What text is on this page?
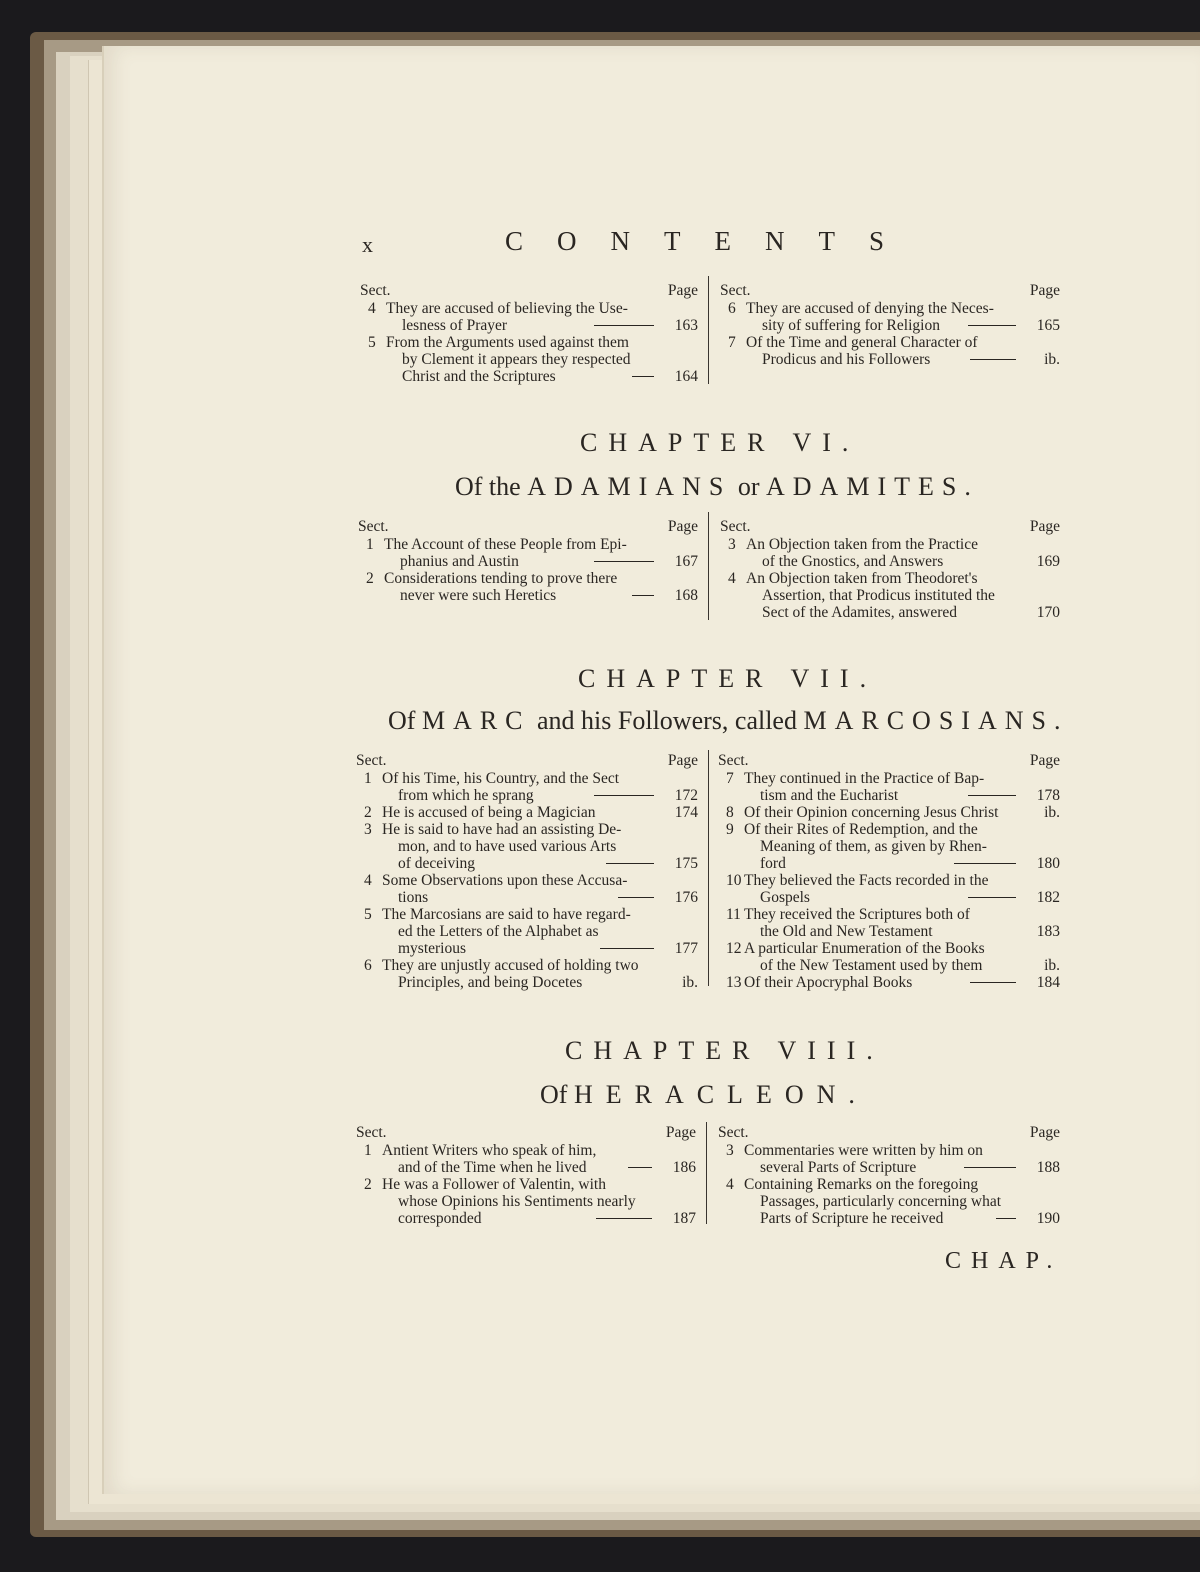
x	CONTENTS
Sect.	Page
4 They are accused of believing the Use-
lesness of Prayer	163
5 From the Arguments used against them
by Clement it appears they respected
Christ and the Scriptures	164
Sect.	Page
6 They are accused of denying the Neces-
sity of suffering for Religion	165
7 Of the Time and general Character of
Prodicus and his Followers	ib.
CHAPTER VI.
Of the ADAMIANS or ADAMITES.
Sect.	Page
1 The Account of these People from Epi-
phanius and Austin	167
2 Considerations tending to prove there
never were such Heretics	168
Sect.	Page
3 An Objection taken from the Practice
of the Gnostics, and Answers	169
4 An Objection taken from Theodoret's
Assertion, that Prodicus instituted the
Sect of the Adamites, answered	170
CHAPTER VII.
Of MARC and his Followers, called MARCOSIANS.
Sect.	Page
1 Of his Time, his Country, and the Sect
from which he sprang	172
2 He is accused of being a Magician	174
3 He is said to have had an assisting De-
mon, and to have used various Arts
of deceiving	175
4 Some Observations upon these Accusa-
tions	176
5 The Marcosians are said to have regard-
ed the Letters of the Alphabet as
mysterious	177
6 They are unjustly accused of holding two
Principles, and being Docetes	ib.
Sect.	Page
7 They continued in the Practice of Bap-
tism and the Eucharist	178
8 Of their Opinion concerning Jesus Christ	ib.
9 Of their Rites of Redemption, and the
Meaning of them, as given by Rhen-
ford	180
10 They believed the Facts recorded in the
Gospels	182
11 They received the Scriptures both of
the Old and New Testament	183
12 A particular Enumeration of the Books
of the New Testament used by them	ib.
13 Of their Apocryphal Books	184
CHAPTER VIII.
Of HERACLEON.
Sect.	Page
1 Antient Writers who speak of him,
and of the Time when he lived	186
2 He was a Follower of Valentin, with
whose Opinions his Sentiments nearly
corresponded	187
Sect.	Page
3 Commentaries were written by him on
several Parts of Scripture	188
4 Containing Remarks on the foregoing
Passages, particularly concerning what
Parts of Scripture he received	190
CHAP.
